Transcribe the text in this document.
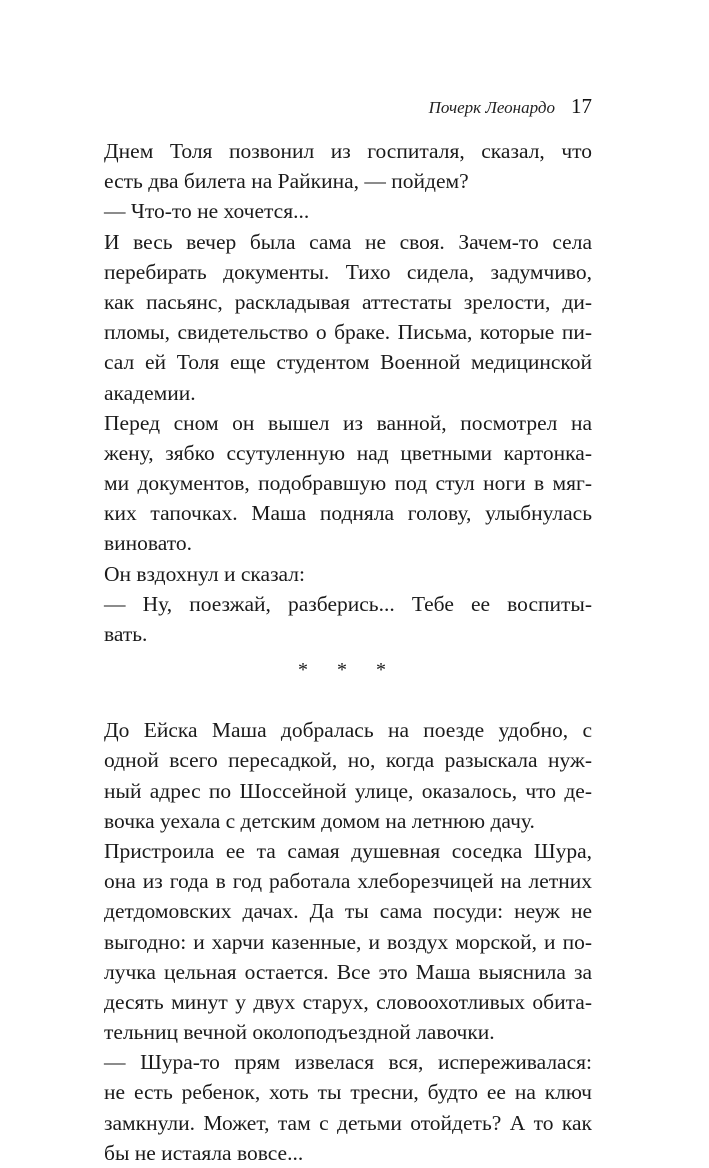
Почерк Леонардо 17
Днем Толя позвонил из госпиталя, сказал, что
есть два билета на Райкина, — пойдем?
— Что-то не хочется...
И весь вечер была сама не своя. Зачем-то села
перебирать документы. Тихо сидела, задумчиво,
как пасьянс, раскладывая аттестаты зрелости, ди-
пломы, свидетельство о браке. Письма, которые пи-
сал ей Толя еще студентом Военной медицинской
академии.
Перед сном он вышел из ванной, посмотрел на
жену, зябко ссутуленную над цветными картонка-
ми документов, подобравшую под стул ноги в мяг-
ких тапочках. Маша подняла голову, улыбнулась
виновато.
Он вздохнул и сказал:
— Ну, поезжай, разберись... Тебе ее воспиты-
вать.
* * *
До Ейска Маша добралась на поезде удобно, с
одной всего пересадкой, но, когда разыскала нуж-
ный адрес по Шоссейной улице, оказалось, что де-
вочка уехала с детским домом на летнюю дачу.
Пристроила ее та самая душевная соседка Шура,
она из года в год работала хлеборезчицей на летних
детдомовских дачах. Да ты сама посуди: неуж не
выгодно: и харчи казенные, и воздух морской, и по-
лучка цельная остается. Все это Маша выяснила за
десять минут у двух старух, словоохотливых обита-
тельниц вечной околоподъездной лавочки.
— Шура-то прям извелася вся, испереживалася:
не есть ребенок, хоть ты тресни, будто ее на ключ
замкнули. Может, там с детьми отойдеть? А то как
бы не истаяла вовсе...
